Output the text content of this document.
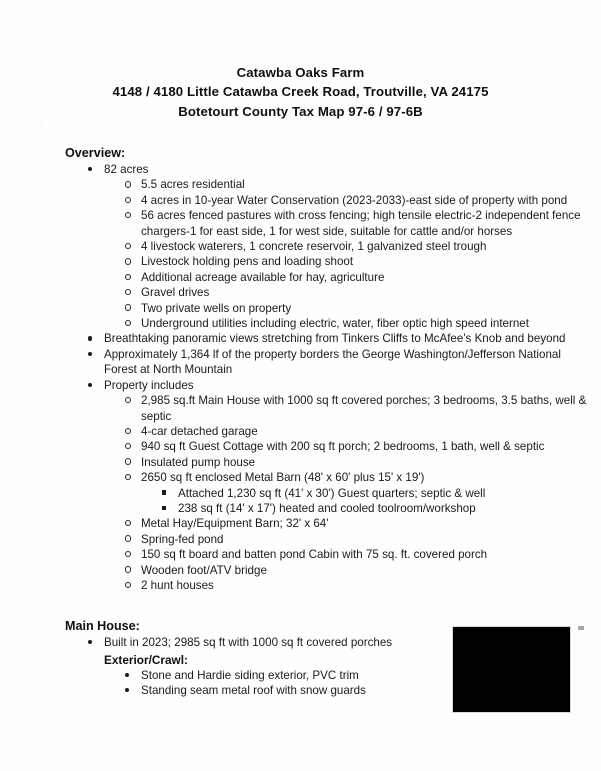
Catawba Oaks Farm
4148 / 4180 Little Catawba Creek Road, Troutville, VA 24175
Botetourt County Tax Map 97-6 / 97-6B
Overview:
82 acres
5.5 acres residential
4 acres in 10-year Water Conservation (2023-2033)-east side of property with pond
56 acres fenced pastures with cross fencing; high tensile electric-2 independent fence chargers-1 for east side, 1 for west side, suitable for cattle and/or horses
4 livestock waterers, 1 concrete reservoir, 1 galvanized steel trough
Livestock holding pens and loading shoot
Additional acreage available for hay, agriculture
Gravel drives
Two private wells on property
Underground utilities including electric, water, fiber optic high speed internet
Breathtaking panoramic views stretching from Tinkers Cliffs to McAfee's Knob and beyond
Approximately 1,364 lf of the property borders the George Washington/Jefferson National Forest at North Mountain
Property includes
2,985 sq.ft Main House with 1000 sq ft covered porches; 3 bedrooms, 3.5 baths, well & septic
4-car detached garage
940 sq ft Guest Cottage with 200 sq ft porch; 2 bedrooms, 1 bath, well & septic
Insulated pump house
2650 sq ft enclosed Metal Barn (48' x 60' plus 15' x 19')
Attached 1,230 sq ft (41' x 30') Guest quarters; septic & well
238 sq ft (14' x 17') heated and cooled toolroom/workshop
Metal Hay/Equipment Barn; 32' x 64'
Spring-fed pond
150 sq ft board and batten pond Cabin with 75 sq. ft. covered porch
Wooden foot/ATV bridge
2 hunt houses
Main House:
Built in 2023; 2985 sq ft with 1000 sq ft covered porches
Exterior/Crawl:
Stone and Hardie siding exterior, PVC trim
Standing seam metal roof with snow guards
